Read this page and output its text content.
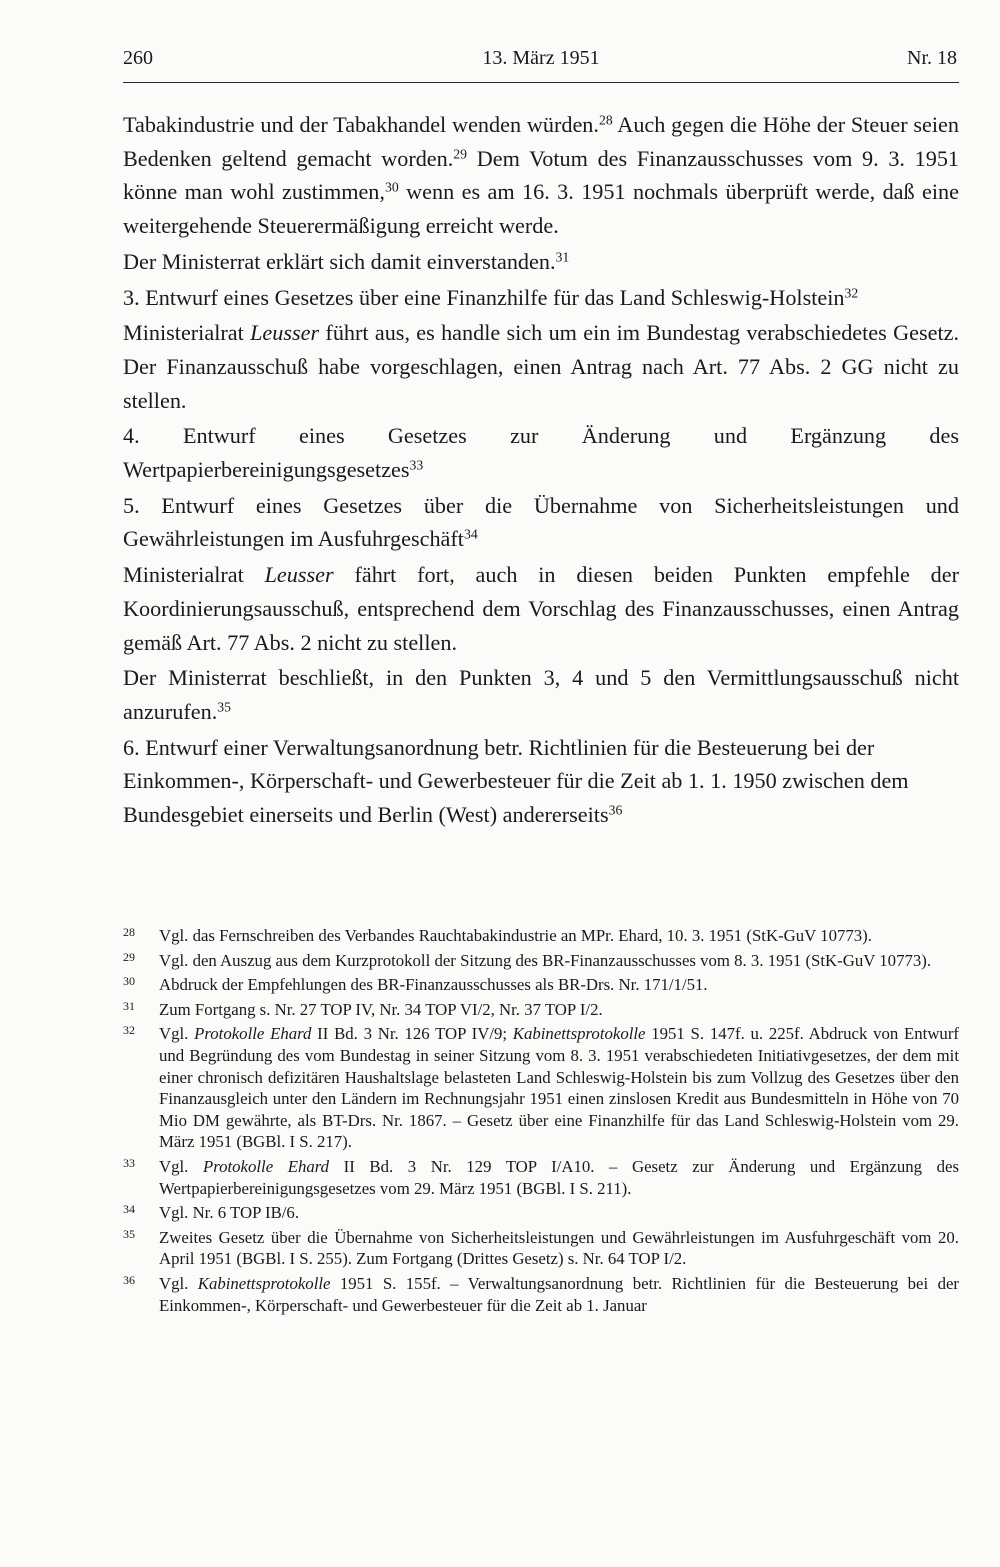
260	13. März 1951	Nr. 18

Tabakindustrie und der Tabakhandel wenden würden.$^{28}$ Auch gegen die Höhe der Steuer seien Bedenken geltend gemacht worden.$^{29}$ Dem Votum des Finanzausschusses vom 9. 3. 1951 könne man wohl zustimmen,$^{30}$ wenn es am 16. 3. 1951 nochmals überprüft werde, daß eine weitergehende Steuerermäßigung erreicht werde.

Der Ministerrat erklärt sich damit einverstanden.$^{31}$

3. Entwurf eines Gesetzes über eine Finanzhilfe für das Land Schleswig-Holstein$^{32}$

Ministerialrat Leusser führt aus, es handle sich um ein im Bundestag verabschiedetes Gesetz. Der Finanzausschuß habe vorgeschlagen, einen Antrag nach Art. 77 Abs. 2 GG nicht zu stellen.

4. Entwurf eines Gesetzes zur Änderung und Ergänzung des Wertpapierbereinigungsgesetzes$^{33}$

5. Entwurf eines Gesetzes über die Übernahme von Sicherheitsleistungen und Gewährleistungen im Ausfuhrgeschäft$^{34}$

Ministerialrat Leusser fährt fort, auch in diesen beiden Punkten empfehle der Koordinierungsausschuß, entsprechend dem Vorschlag des Finanzausschusses, einen Antrag gemäß Art. 77 Abs. 2 nicht zu stellen.

Der Ministerrat beschließt, in den Punkten 3, 4 und 5 den Vermittlungsausschuß nicht anzurufen.$^{35}$

6. Entwurf einer Verwaltungsanordnung betr. Richtlinien für die Besteuerung bei der Einkommen-, Körperschaft- und Gewerbesteuer für die Zeit ab 1. 1. 1950 zwischen dem Bundesgebiet einerseits und Berlin (West) andererseits$^{36}$

28	Vgl. das Fernschreiben des Verbandes Rauchtabakindustrie an MPr. Ehard, 10. 3. 1951 (StK-GuV 10773).
29	Vgl. den Auszug aus dem Kurzprotokoll der Sitzung des BR-Finanzausschusses vom 8. 3. 1951 (StK-GuV 10773).
30	Abdruck der Empfehlungen des BR-Finanzausschusses als BR-Drs. Nr. 171/1/51.
31	Zum Fortgang s. Nr. 27 TOP IV, Nr. 34 TOP VI/2, Nr. 37 TOP I/2.
32	Vgl. Protokolle Ehard II Bd. 3 Nr. 126 TOP IV/9; Kabinettsprotokolle 1951 S. 147f. u. 225f. Abdruck von Entwurf und Begründung des vom Bundestag in seiner Sitzung vom 8. 3. 1951 verabschiedeten Initiativgesetzes, der dem mit einer chronisch defizitären Haushaltslage belasteten Land Schleswig-Holstein bis zum Vollzug des Gesetzes über den Finanzausgleich unter den Ländern im Rechnungsjahr 1951 einen zinslosen Kredit aus Bundesmitteln in Höhe von 70 Mio DM gewährte, als BT-Drs. Nr. 1867. – Gesetz über eine Finanzhilfe für das Land Schleswig-Holstein vom 29. März 1951 (BGBl. I S. 217).
33	Vgl. Protokolle Ehard II Bd. 3 Nr. 129 TOP I/A10. – Gesetz zur Änderung und Ergänzung des Wertpapierbereinigungsgesetzes vom 29. März 1951 (BGBl. I S. 211).
34	Vgl. Nr. 6 TOP IB/6.
35	Zweites Gesetz über die Übernahme von Sicherheitsleistungen und Gewährleistungen im Ausfuhrgeschäft vom 20. April 1951 (BGBl. I S. 255). Zum Fortgang (Drittes Gesetz) s. Nr. 64 TOP I/2.
36	Vgl. Kabinettsprotokolle 1951 S. 155f. – Verwaltungsanordnung betr. Richtlinien für die Besteuerung bei der Einkommen-, Körperschaft- und Gewerbesteuer für die Zeit ab 1. Januar
